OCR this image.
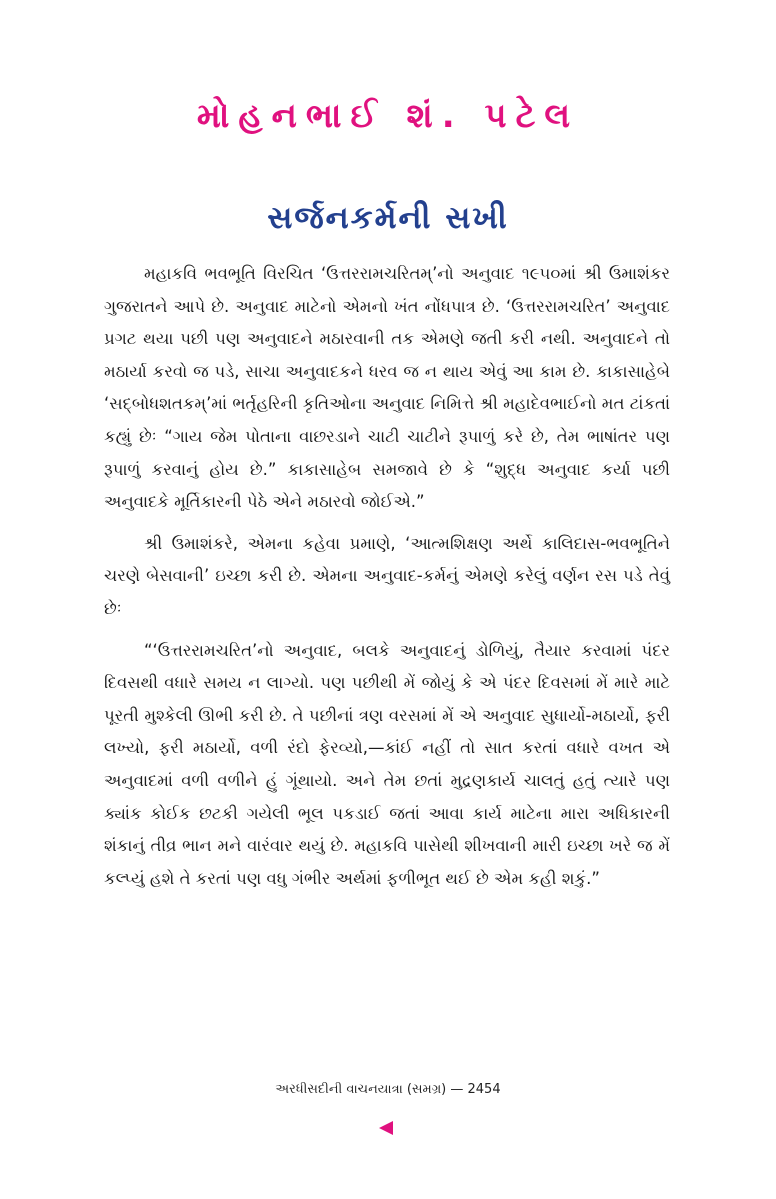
મોહનભાઈ શં. પટેલ
સર્જનકર્મની સખી

મહાકવિ ભવભૂતિ વિરચિત ‘ઉત્તરરામચરિતમ્’નો અનુવાદ ૧૯૫૦માં શ્રી ઉમાશંકર ગુજરાતને આપે છે. અનુવાદ માટેનો એમનો ખંત નોંધપાત્ર છે. ‘ઉત્તરરામચરિત’ અનુવાદ પ્રગટ થયા પછી પણ અનુવાદને મઠારવાની તક એમણે જતી કરી નથી. અનુવાદને તો મઠાર્યા કરવો જ પડે, સાચા અનુવાદકને ધરવ જ ન થાય એવું આ કામ છે. કાકાસાહેબે ‘સદ્બોધશતકમ્’માં ભર્તૃહરિની કૃતિઓના અનુવાદ નિમિત્તે શ્રી મહાદેવભાઈનો મત ટાંકતાં કહ્યું છેઃ “ગાય જેમ પોતાના વાછરડાને ચાટી ચાટીને રૂપાળું કરે છે, તેમ ભાષાંતર પણ રૂપાળું કરવાનું હોય છે.” કાકાસાહેબ સમજાવે છે કે “શુદ્ધ અનુવાદ કર્યા પછી અનુવાદકે મૂર્તિકારની પેઠે એને મઠારવો જોઈએ.”

શ્રી ઉમાશંકરે, એમના કહેવા પ્રમાણે, ‘આત્મશિક્ષણ અર્થે કાલિદાસ-ભવભૂતિને ચરણે બેસવાની’ ઇચ્છા કરી છે. એમના અનુવાદ-કર્મનું એમણે કરેલું વર્ણન રસ પડે તેવું છેઃ

“‘ઉત્તરરામચરિત’નો અનુવાદ, બલકે અનુવાદનું ડોળિયું, તૈયાર કરવામાં પંદર દિવસથી વધારે સમય ન લાગ્યો. પણ પછીથી મેં જોયું કે એ પંદર દિવસમાં મેં મારે માટે પૂરતી મુશ્કેલી ઊભી કરી છે. તે પછીનાં ત્રણ વરસમાં મેં એ અનુવાદ સુધાર્યો-મઠાર્યો, ફરી લખ્યો, ફરી મઠાર્યો, વળી રંદો ફેરવ્યો,—કાંઈ નહીં તો સાત કરતાં વધારે વખત એ અનુવાદમાં વળી વળીને હું ગૂંથાયો. અને તેમ છતાં મુદ્રણકાર્ય ચાલતું હતું ત્યારે પણ ક્યાંક કોઈક છટકી ગયેલી ભૂલ પકડાઈ જતાં આવા કાર્ય માટેના મારા અધિકારની શંકાનું તીવ્ર ભાન મને વારંવાર થયું છે. મહાકવિ પાસેથી શીખવાની મારી ઇચ્છા ખરે જ મેં કલ્પ્યું હશે તે કરતાં પણ વધુ ગંભીર અર્થમાં ફળીભૂત થઈ છે એમ કહી શકું.”

અરધીસદીની વાચનયાત્રા (સમગ્ર) — 2454
